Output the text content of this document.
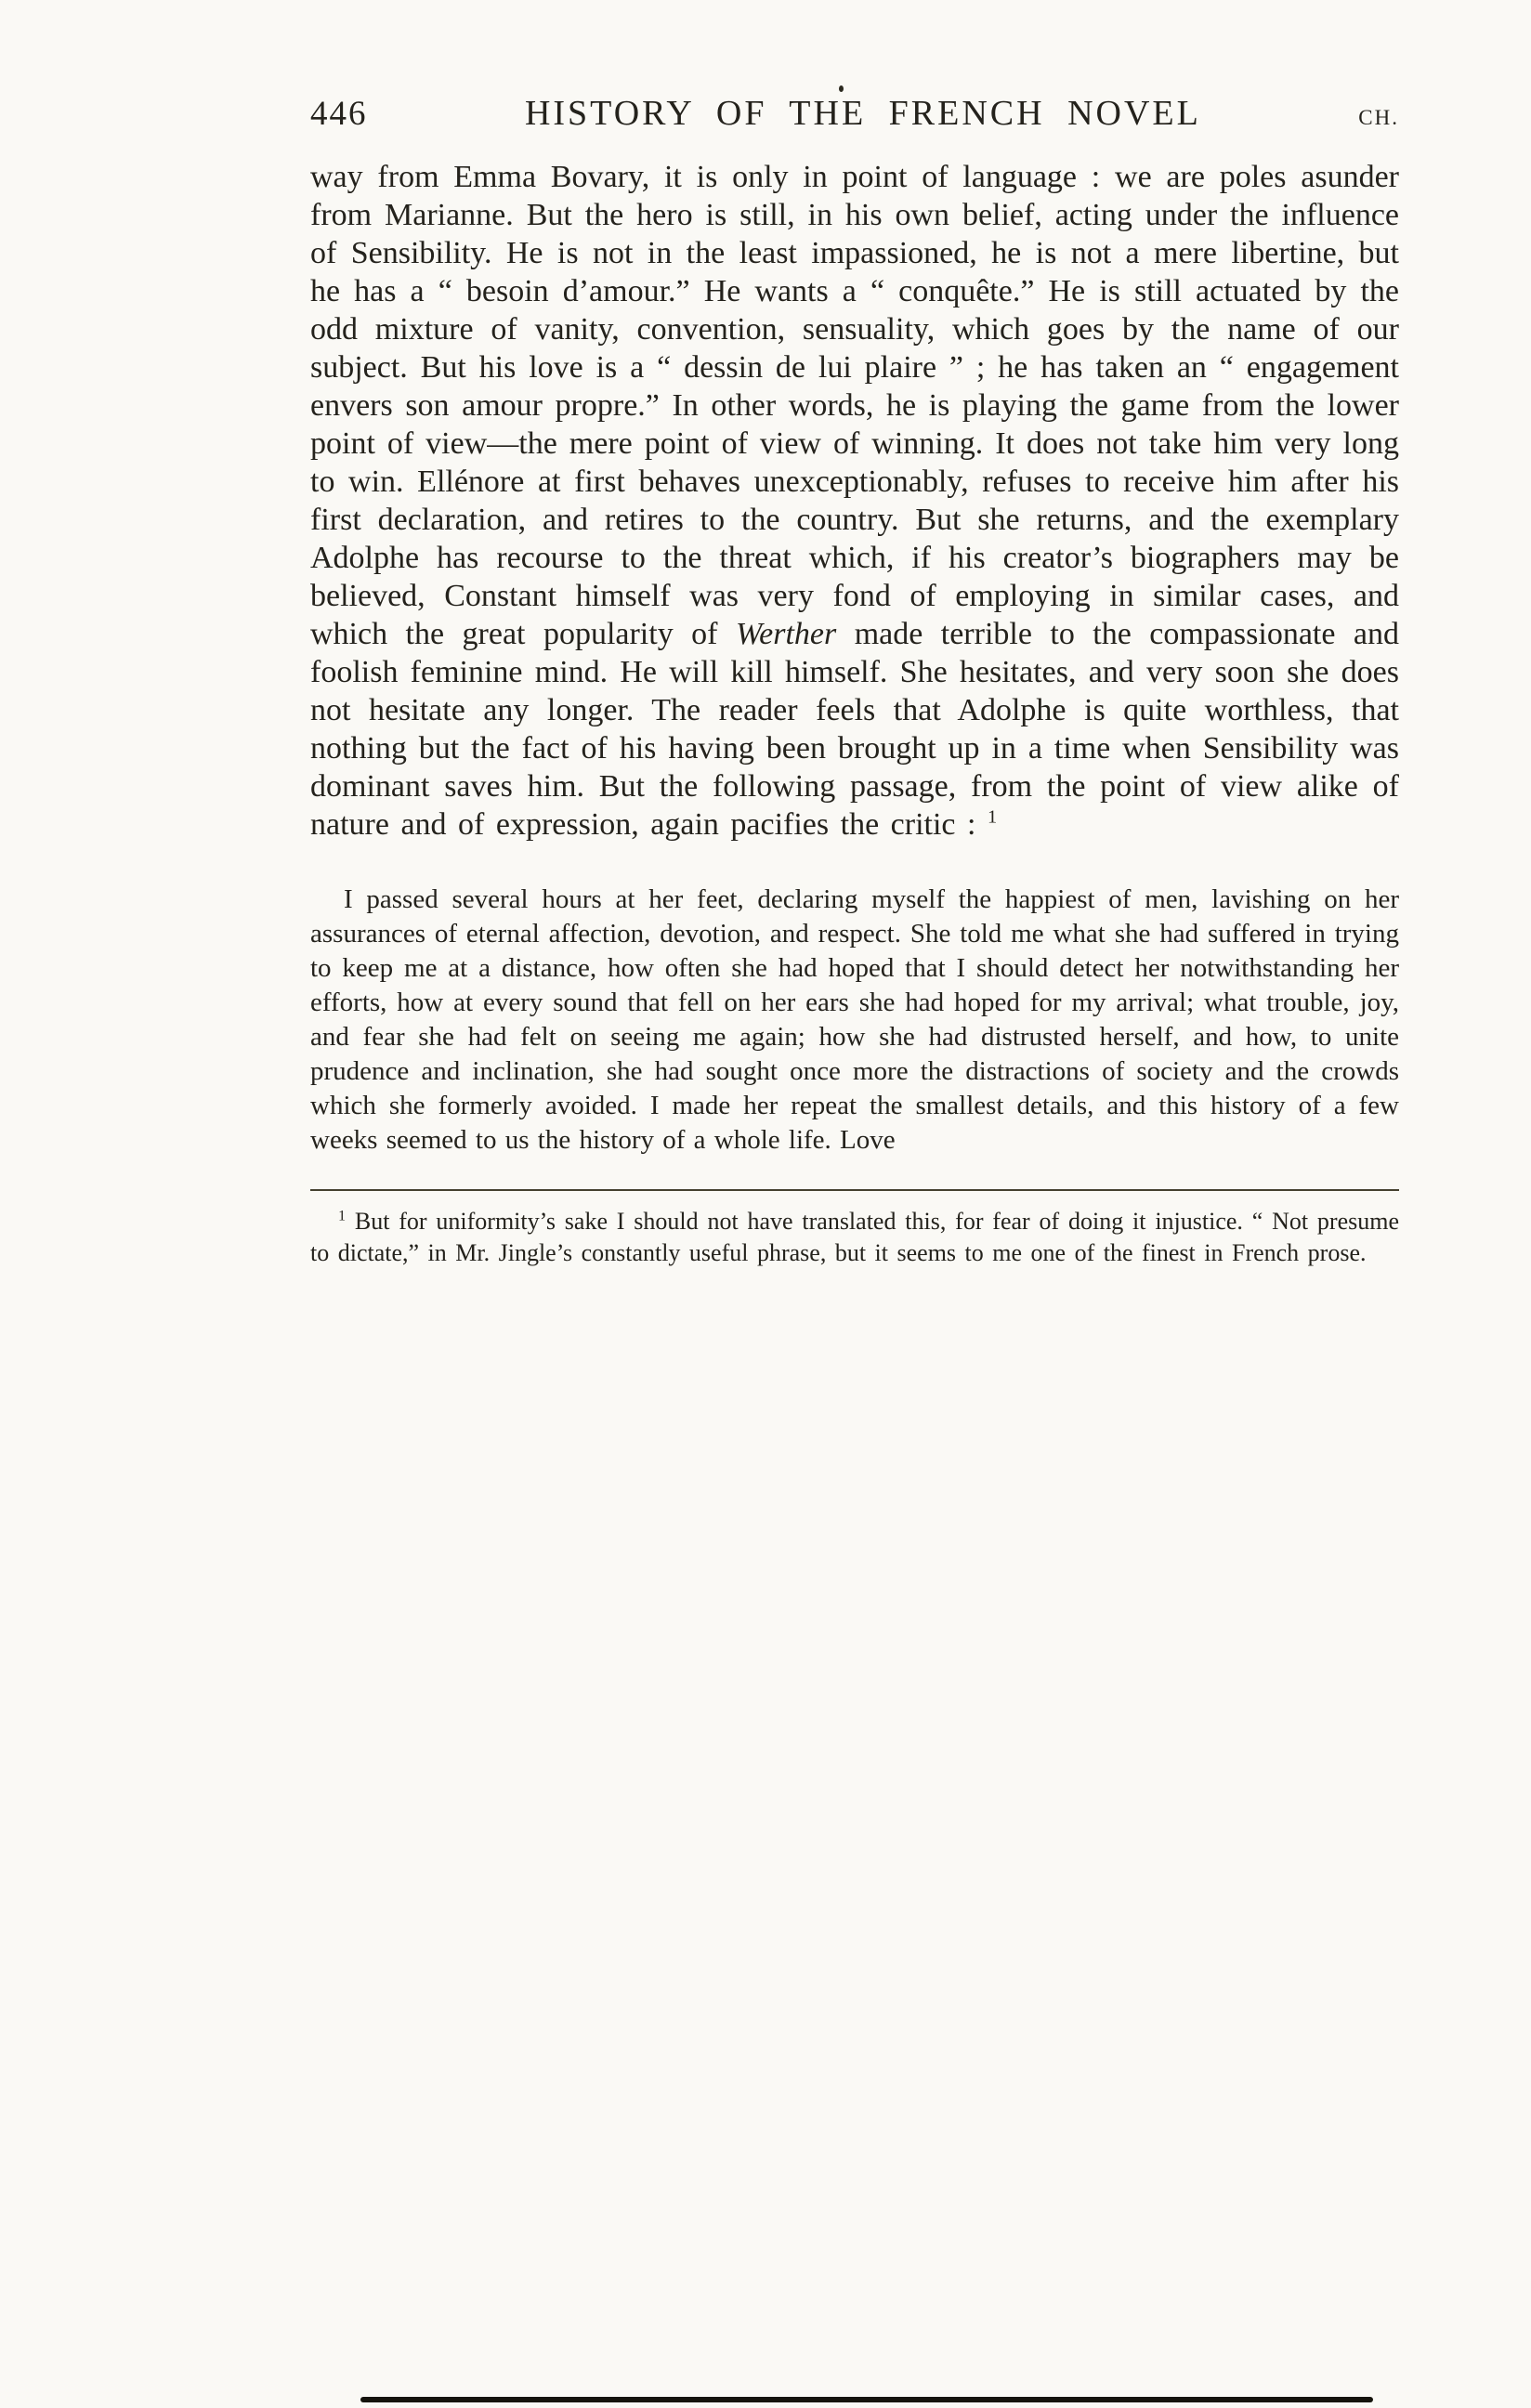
446	HISTORY OF THE FRENCH NOVEL	CH.

way from Emma Bovary, it is only in point of language : we are poles asunder from Marianne. But the hero is still, in his own belief, acting under the influence of Sensibility. He is not in the least impassioned, he is not a mere libertine, but he has a “ besoin d’amour.” He wants a “ conquête.” He is still actuated by the odd mixture of vanity, convention, sensuality, which goes by the name of our subject. But his love is a “ dessin de lui plaire ” ; he has taken an “ engagement envers son amour propre.” In other words, he is playing the game from the lower point of view—the mere point of view of winning. It does not take him very long to win. Ellénore at first behaves unexceptionably, refuses to receive him after his first declaration, and retires to the country. But she returns, and the exemplary Adolphe has recourse to the threat which, if his creator’s biographers may be believed, Constant himself was very fond of employing in similar cases, and which the great popularity of Werther made terrible to the compassionate and foolish feminine mind. He will kill himself. She hesitates, and very soon she does not hesitate any longer. The reader feels that Adolphe is quite worthless, that nothing but the fact of his having been brought up in a time when Sensibility was dominant saves him. But the following passage, from the point of view alike of nature and of expression, again pacifies the critic : $^1$

I passed several hours at her feet, declaring myself the happiest of men, lavishing on her assurances of eternal affection, devotion, and respect. She told me what she had suffered in trying to keep me at a distance, how often she had hoped that I should detect her notwithstanding her efforts, how at every sound that fell on her ears she had hoped for my arrival; what trouble, joy, and fear she had felt on seeing me again; how she had distrusted herself, and how, to unite prudence and inclination, she had sought once more the distractions of society and the crowds which she formerly avoided. I made her repeat the smallest details, and this history of a few weeks seemed to us the history of a whole life. Love

$^1$ But for uniformity’s sake I should not have translated this, for fear of doing it injustice. “ Not presume to dictate,” in Mr. Jingle’s constantly useful phrase, but it seems to me one of the finest in French prose.
